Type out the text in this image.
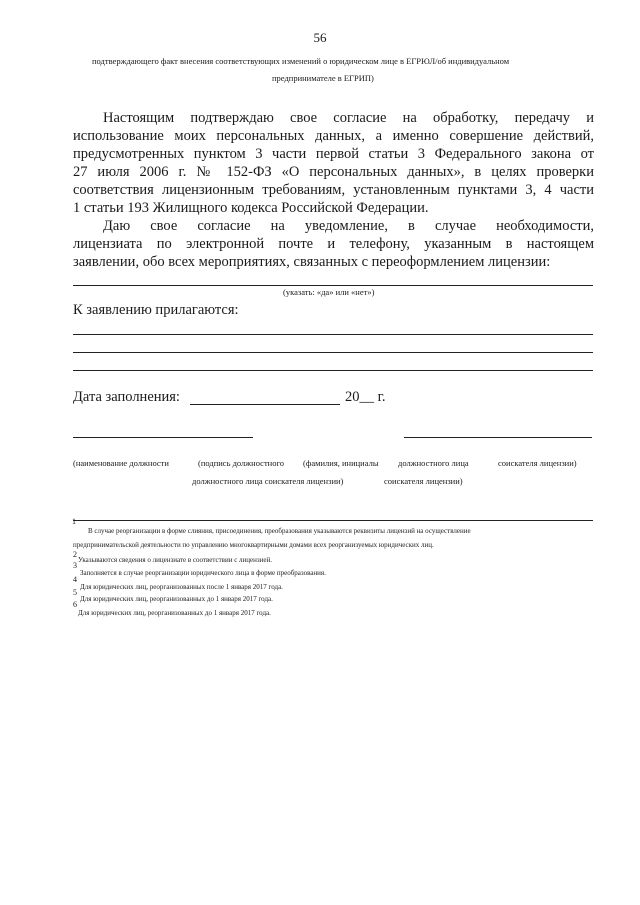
56
подтверждающего факт внесения соответствующих изменений о юридическом лице в ЕГРЮЛ/об индивидуальном
предпринимателе в ЕГРИП)
Настоящим подтверждаю свое согласие на обработку, передачу и
использование моих персональных данных, а именно совершение действий,
предусмотренных пунктом 3 части первой статьи 3 Федерального закона от
27 июля 2006 г. № 152-ФЗ «О персональных данных», в целях проверки
соответствия лицензионным требованиям, установленным пунктами 3, 4 части
1 статьи 193 Жилищного кодекса Российской Федерации.
Даю свое согласие на уведомление, в случае необходимости,
лицензиата по электронной почте и телефону, указанным в настоящем
заявлении, обо всех мероприятиях, связанных с переоформлением лицензии:
(указать: «да» или «нет»)
К заявлению прилагаются:
Дата заполнения:	20__ г.
(наименование должности	(подпись должностного (фамилия, инициалы должностного лица	соискателя лицензии)
должностного лица соискателя лицензии)	соискателя лицензии)
1
В случае реорганизации в форме слияния, присоединения, преобразования указываются реквизиты лицензий на осуществление
предпринимательской деятельности по управлению многоквартирными домами всех реорганизуемых юридических лиц.
2
Указываются сведения о лицензиате в соответствии с лицензией.
3
Заполняется в случае реорганизации юридического лица в форме преобразования.
4
Для юридических лиц, реорганизованных после 1 января 2017 года.
5
Для юридических лиц, реорганизованных до 1 января 2017 года.
6
Для юридических лиц, реорганизованных до 1 января 2017 года.
